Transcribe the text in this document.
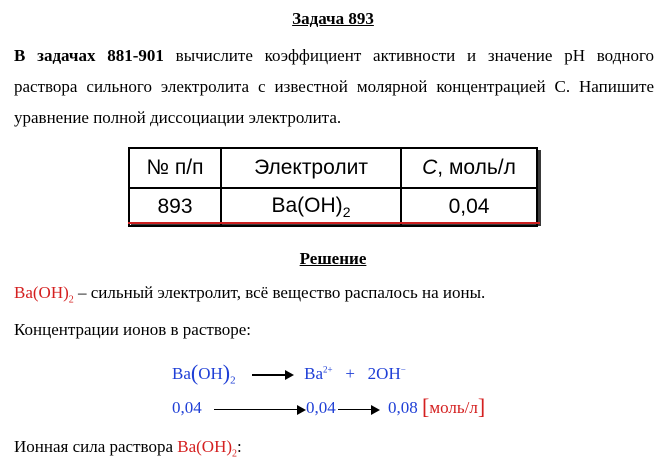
Задача 893
В задачах 881-901 вычислите коэффициент активности и значение pH водного
раствора сильного электролита с известной молярной концентрацией С. Напишите
уравнение полной диссоциации электролита.
№ п/п	Электролит	C, моль/л
893	$Ba(OH)_2$	0,04
Решение
$Ba(OH)_2$ – сильный электролит, всё вещество распалось на ионы.
Концентрации ионов в растворе:
$Ba(OH)_2 \to Ba^{2+} + 2OH^-$
0,04	0,04	0,08 [моль/л]
Ионная сила раствора $Ba(OH)_2$:
